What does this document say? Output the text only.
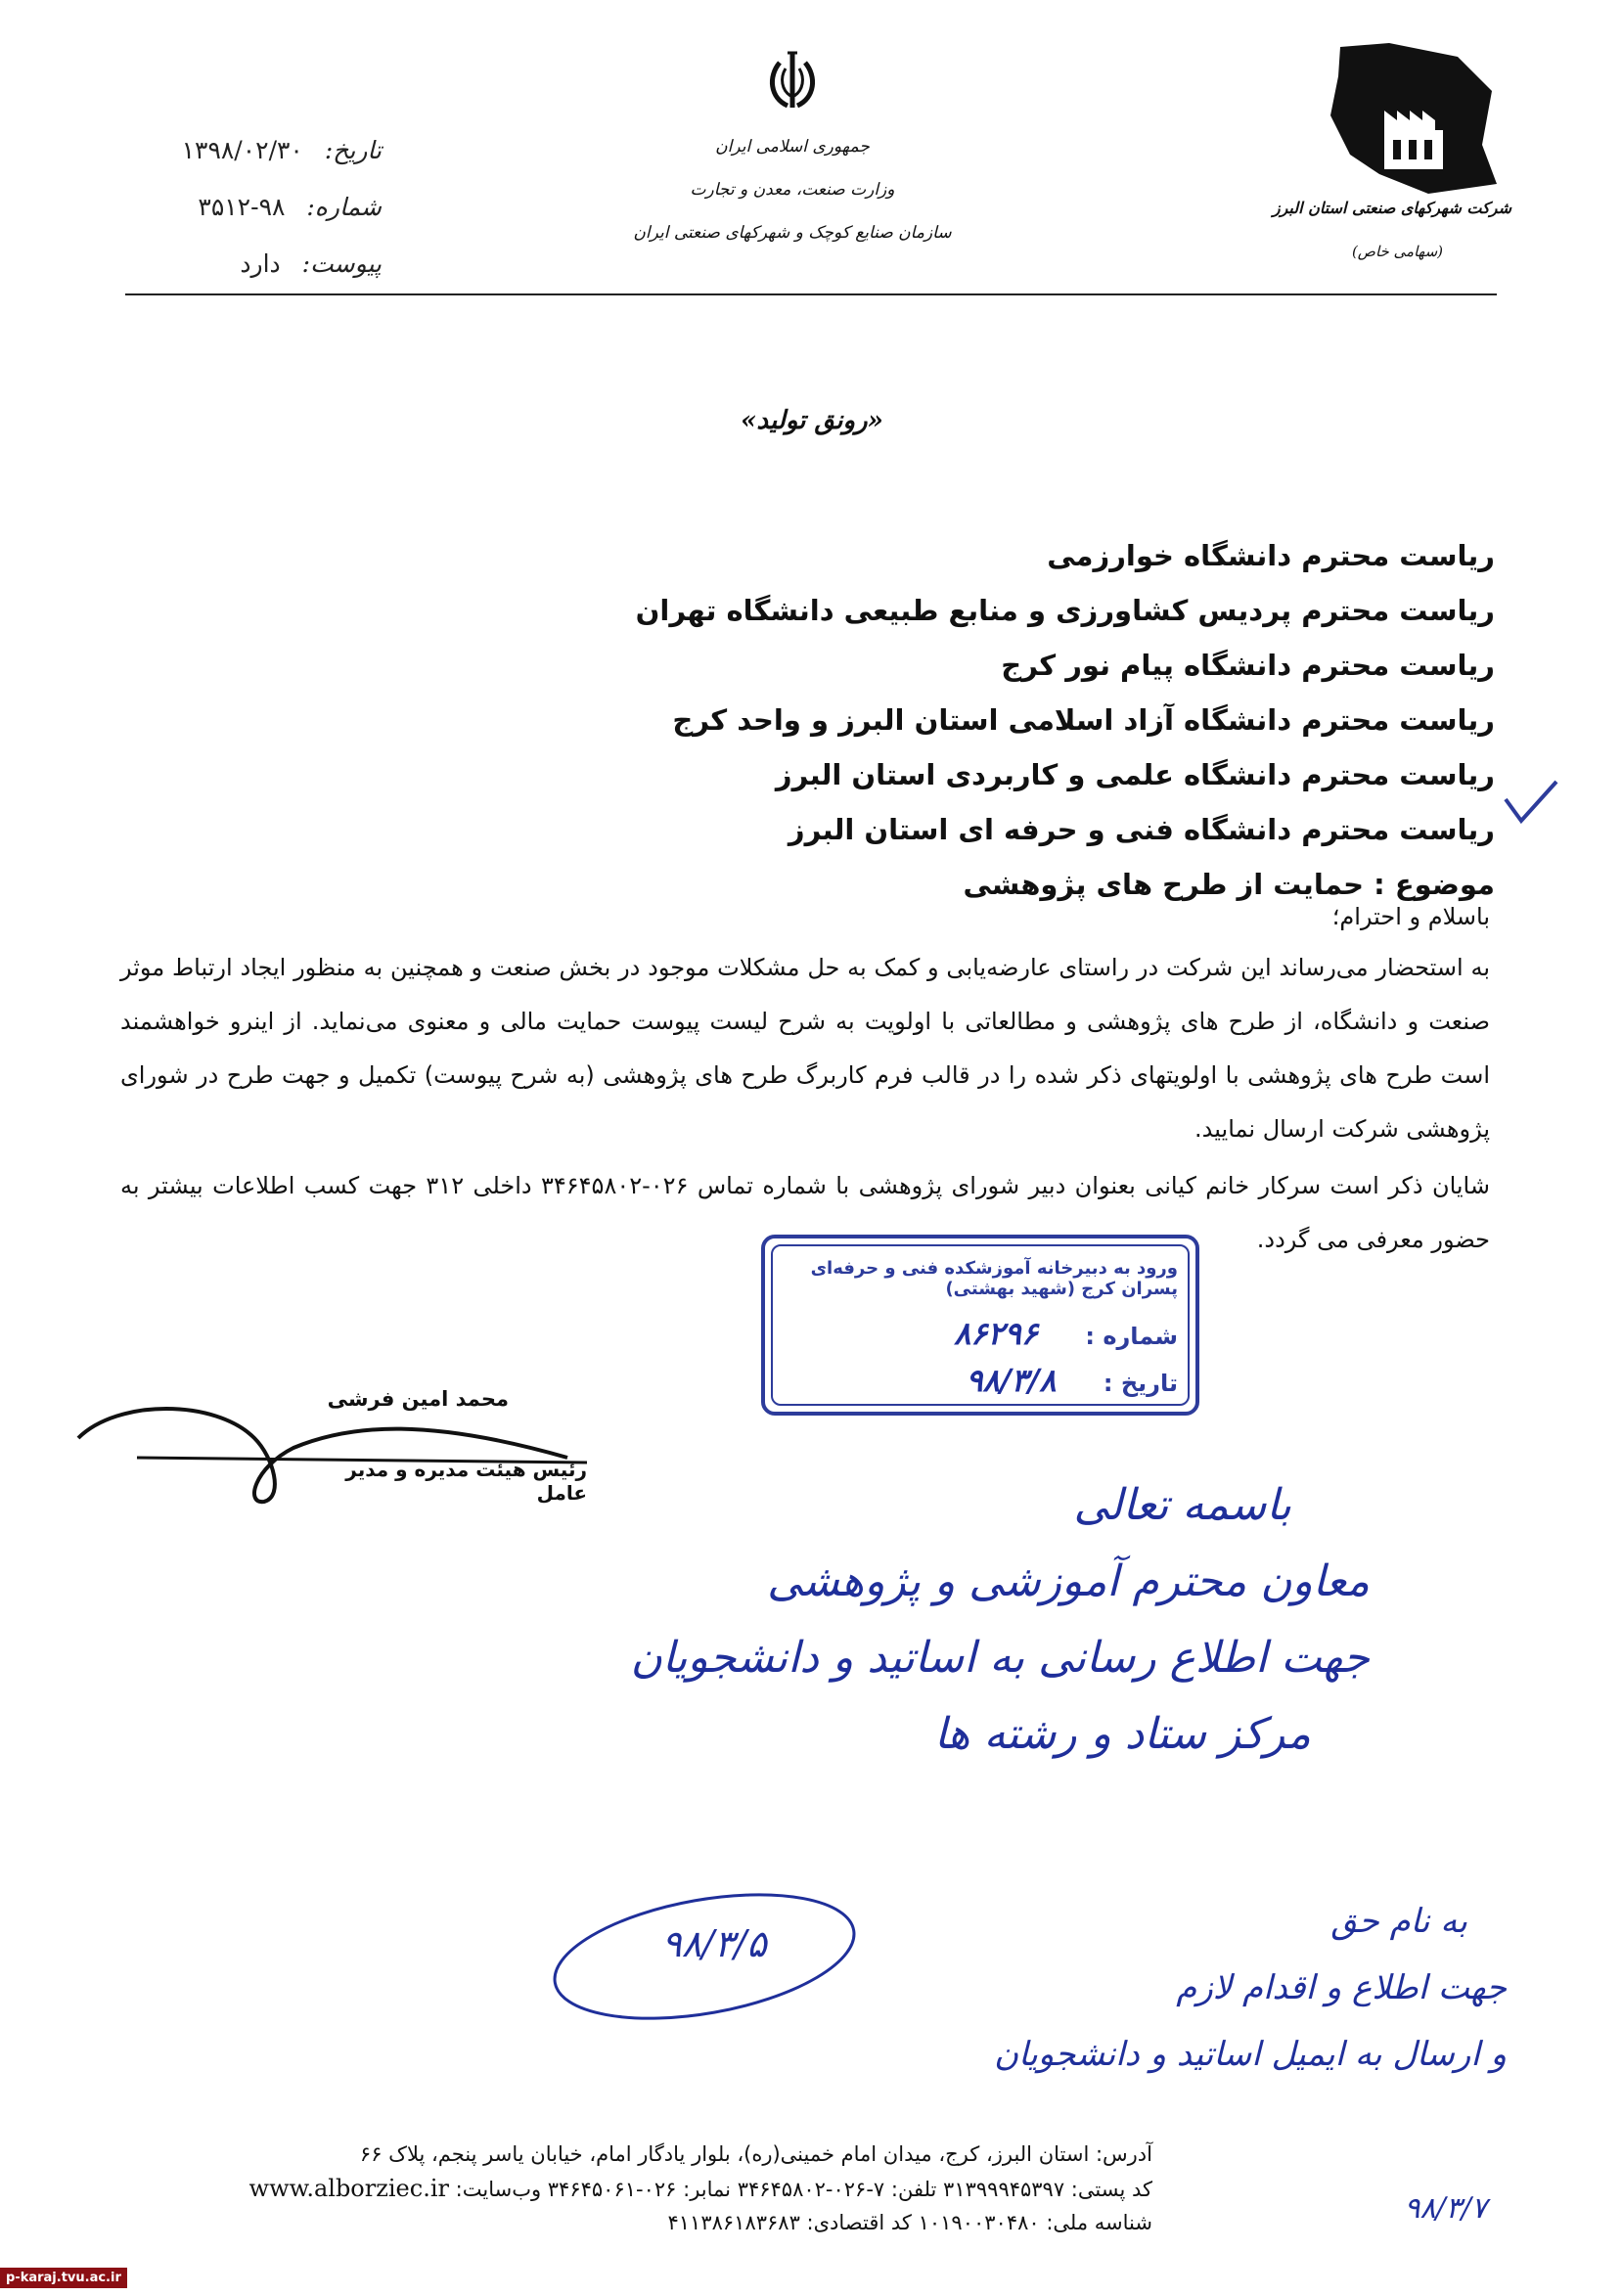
تاریخ: ۱۳۹۸/۰۲/۳۰
شماره: ۹۸-۳۵۱۲
پیوست: دارد
جمهوری اسلامی ایران
وزارت صنعت، معدن و تجارت
سازمان صنایع کوچک و شهرکهای صنعتی ایران
شرکت شهرکهای صنعتی استان البرز
(سهامی خاص)
«رونق تولید»
ریاست محترم دانشگاه خوارزمی
ریاست محترم پردیس کشاورزی و منابع طبیعی دانشگاه تهران
ریاست محترم دانشگاه پیام نور کرج
ریاست محترم دانشگاه آزاد اسلامی استان البرز و واحد کرج
ریاست محترم دانشگاه علمی و کاربردی استان البرز
ریاست محترم دانشگاه فنی و حرفه ای استان البرز
موضوع : حمایت از طرح های پژوهشی
باسلام و احترام؛
به استحضار می‌رساند این شرکت در راستای عارضه‌یابی و کمک به حل مشکلات موجود در بخش صنعت و همچنین به منظور ایجاد ارتباط موثر صنعت و دانشگاه، از طرح های پژوهشی و مطالعاتی با اولویت به شرح لیست پیوست حمایت مالی و معنوی می‌نماید. از اینرو خواهشمند است طرح های پژوهشی با اولویتهای ذکر شده را در قالب فرم کاربرگ طرح های پژوهشی (به شرح پیوست) تکمیل و جهت طرح در شورای پژوهشی شرکت ارسال نمایید.
شایان ذکر است سرکار خانم کیانی بعنوان دبیر شورای پژوهشی با شماره تماس ۰۲۶-۳۴۶۴۵۸۰۲ داخلی ۳۱۲ جهت کسب اطلاعات بیشتر به حضور معرفی می گردد.
ورود به دبیرخانه آموزشکده فنی و حرفه‌ای پسران کرج (شهید بهشتی)
شماره : ۸۶۲۹۶
تاریخ : ۹۸/۳/۸
محمد امین فرشی
رئیس هیئت مدیره و مدیر عامل	باسمه تعالی
معاون محترم آموزشی و پژوهشی
جهت اطلاع رسانی به اساتید و دانشجویان
مرکز ستاد و رشته ها
۹۸/۳/۵
به نام حق
جهت اطلاع و اقدام لازم
و ارسال به ایمیل اساتید و دانشجویان
۹۸/۳/۷
آدرس: استان البرز، کرج، میدان امام خمینی(ره)، بلوار یادگار امام، خیابان یاسر پنجم، پلاک ۶۶
کد پستی: ۳۱۳۹۹۹۴۵۳۹۷ تلفن: ۷-۰۲۶-۳۴۶۴۵۸۰۲ نمابر: ۰۲۶-۳۴۶۴۵۰۶۱ وب‌سایت: www.alborziec.ir
شناسه ملی: ۱۰۱۹۰۰۳۰۴۸۰ کد اقتصادی: ۴۱۱۳۸۶۱۸۳۶۸۳
p-karaj.tvu.ac.ir
